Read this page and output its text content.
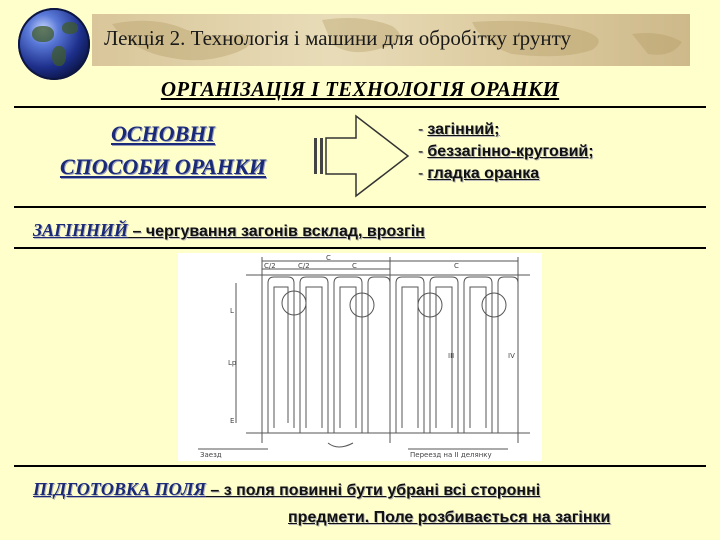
Лекція 2. Технологія і машини для обробітку ґрунту
ОРГАНІЗАЦІЯ І ТЕХНОЛОГІЯ ОРАНКИ
ОСНОВНІ
СПОСОБИ ОРАНКИ
- загінний;
- беззагінно-круговий;
- гладка оранка
ЗАГІННИЙ – чергування загонів всклад, врозгін
С
С/2	С/2	С	С
L
Lр
Е
III	IV
Заезд	Переезд на II делянку
ПІДГОТОВКА ПОЛЯ – з поля повинні бути убрані всі сторонні
предмети. Поле розбивається на загінки
